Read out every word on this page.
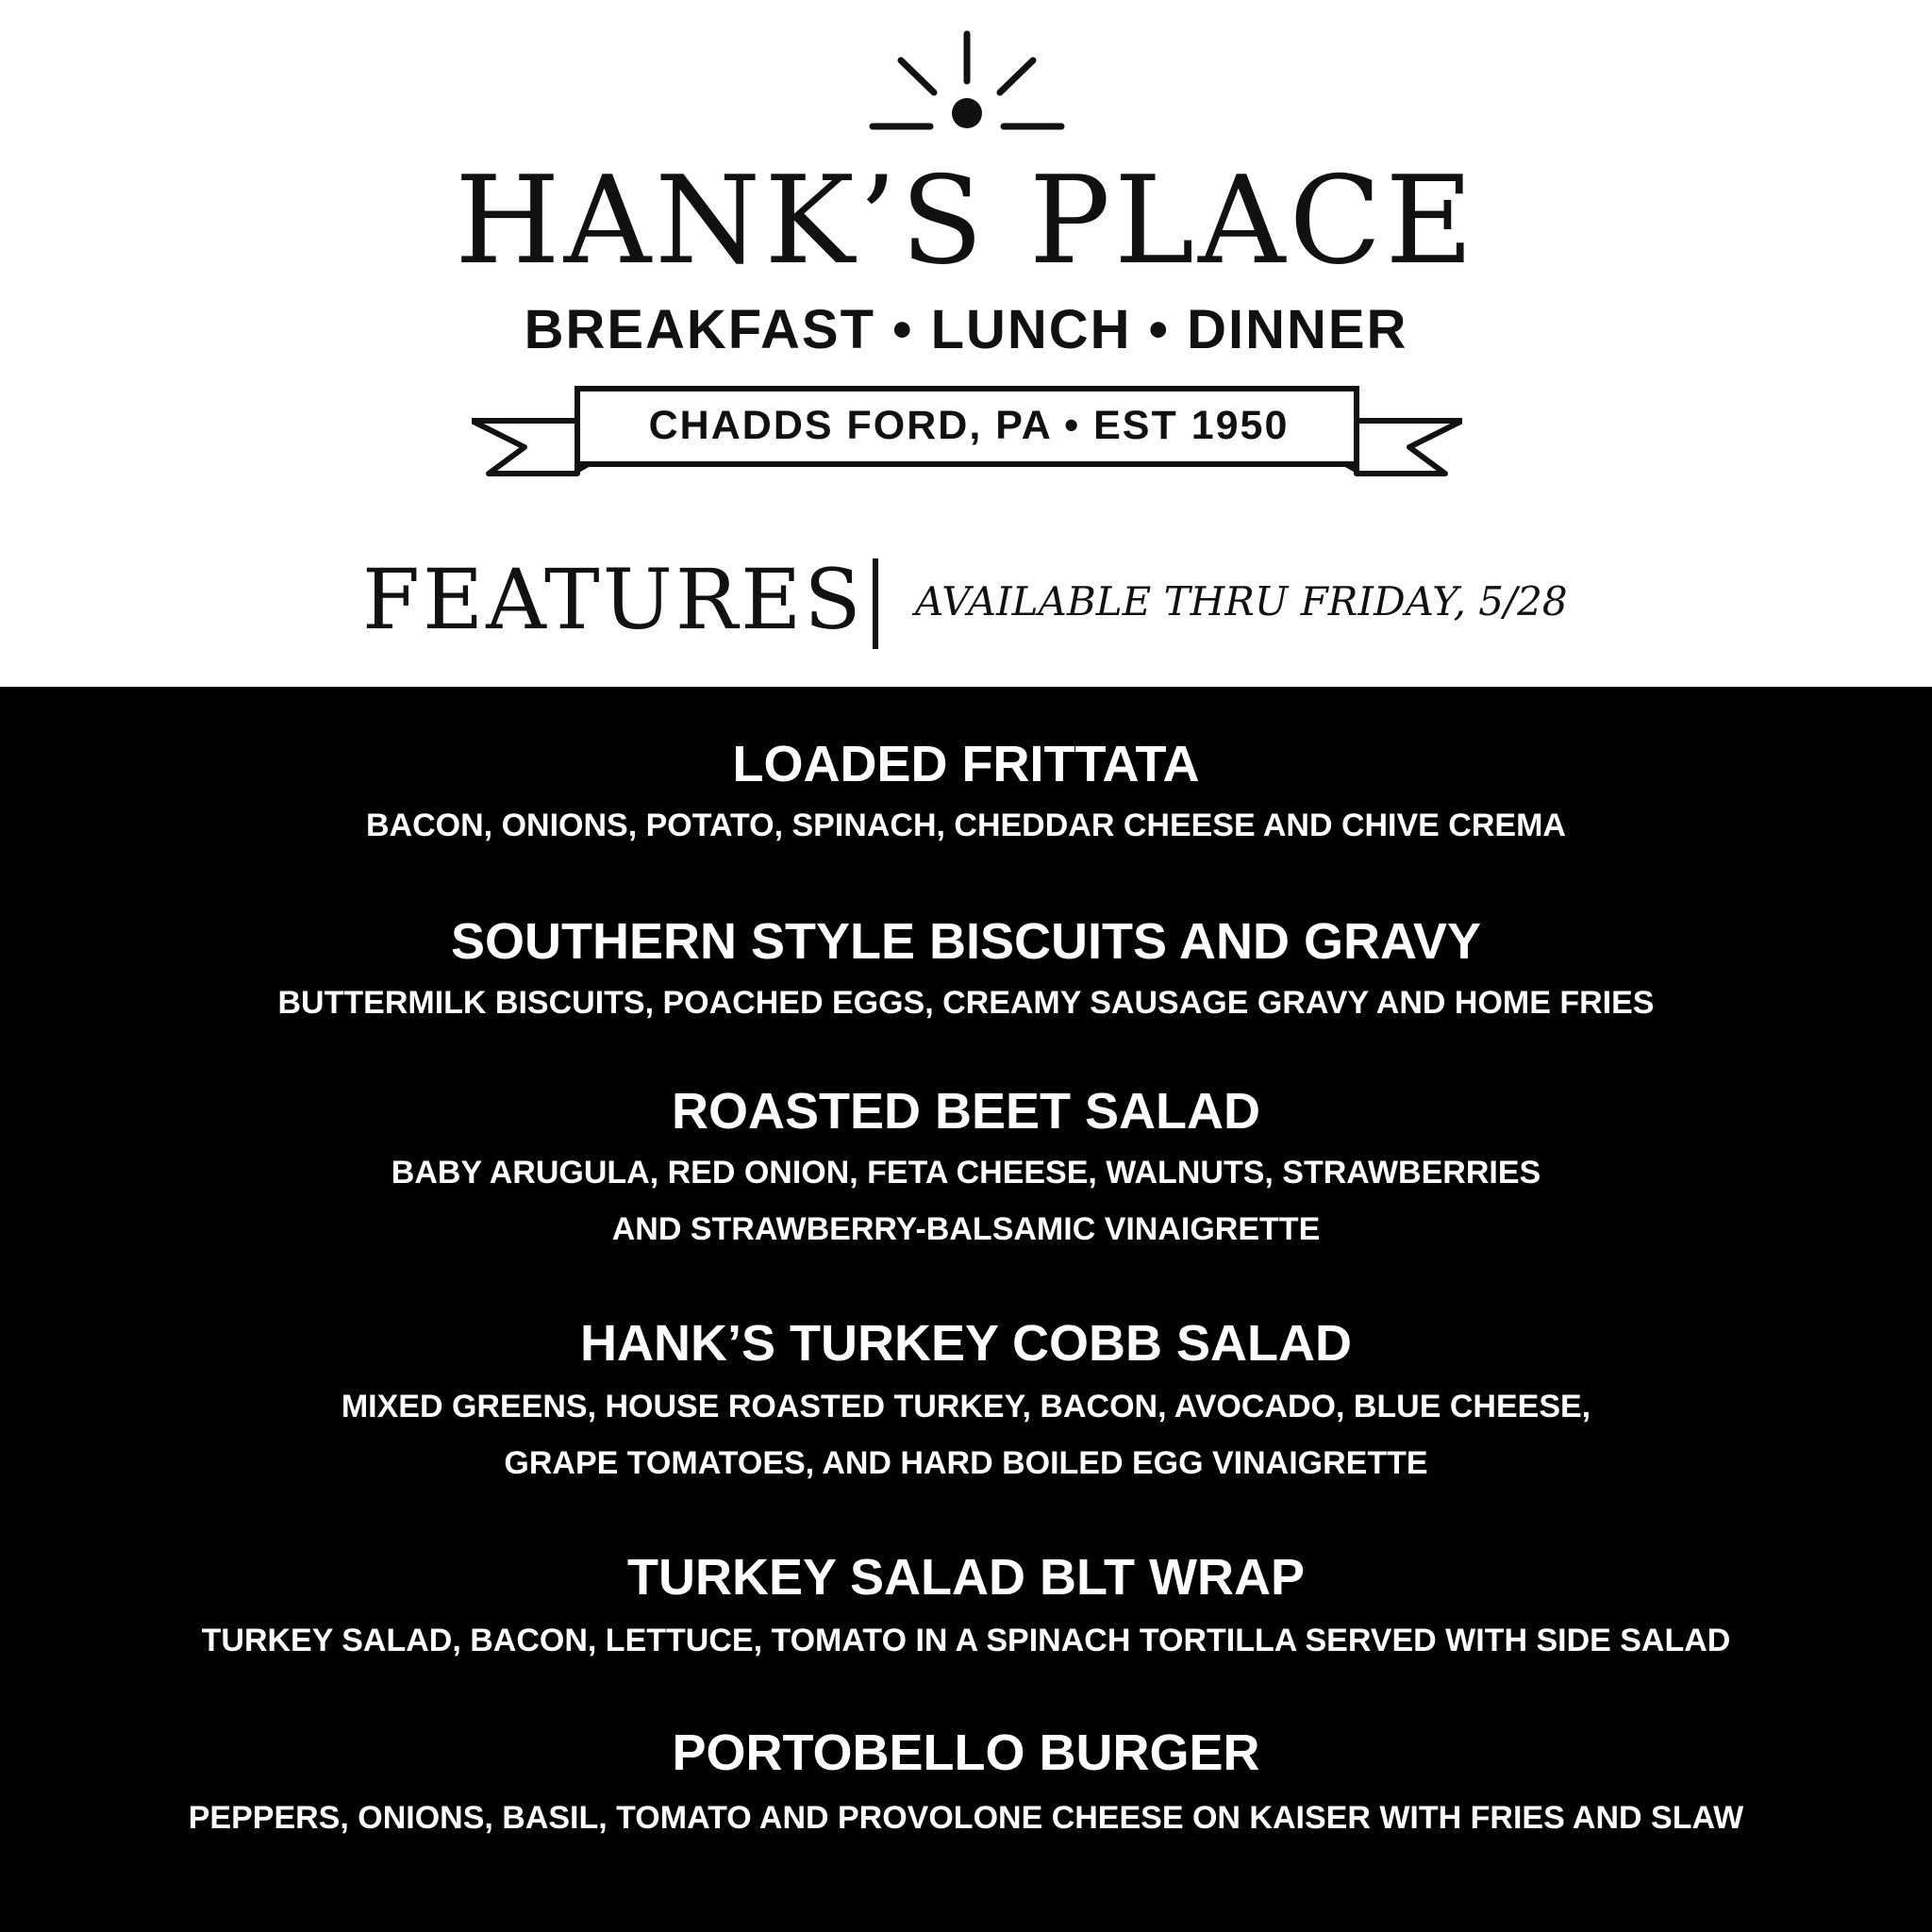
HANK’S PLACE
BREAKFAST • LUNCH • DINNER
CHADDS FORD, PA • EST 1950
FEATURES AVAILABLE THRU FRIDAY, 5/28
LOADED FRITTATA
BACON, ONIONS, POTATO, SPINACH, CHEDDAR CHEESE AND CHIVE CREMA
SOUTHERN STYLE BISCUITS AND GRAVY
BUTTERMILK BISCUITS, POACHED EGGS, CREAMY SAUSAGE GRAVY AND HOME FRIES
ROASTED BEET SALAD
BABY ARUGULA, RED ONION, FETA CHEESE, WALNUTS, STRAWBERRIES
AND STRAWBERRY-BALSAMIC VINAIGRETTE
HANK’S TURKEY COBB SALAD
MIXED GREENS, HOUSE ROASTED TURKEY, BACON, AVOCADO, BLUE CHEESE,
GRAPE TOMATOES, AND HARD BOILED EGG VINAIGRETTE
TURKEY SALAD BLT WRAP
TURKEY SALAD, BACON, LETTUCE, TOMATO IN A SPINACH TORTILLA SERVED WITH SIDE SALAD
PORTOBELLO BURGER
PEPPERS, ONIONS, BASIL, TOMATO AND PROVOLONE CHEESE ON KAISER WITH FRIES AND SLAW
